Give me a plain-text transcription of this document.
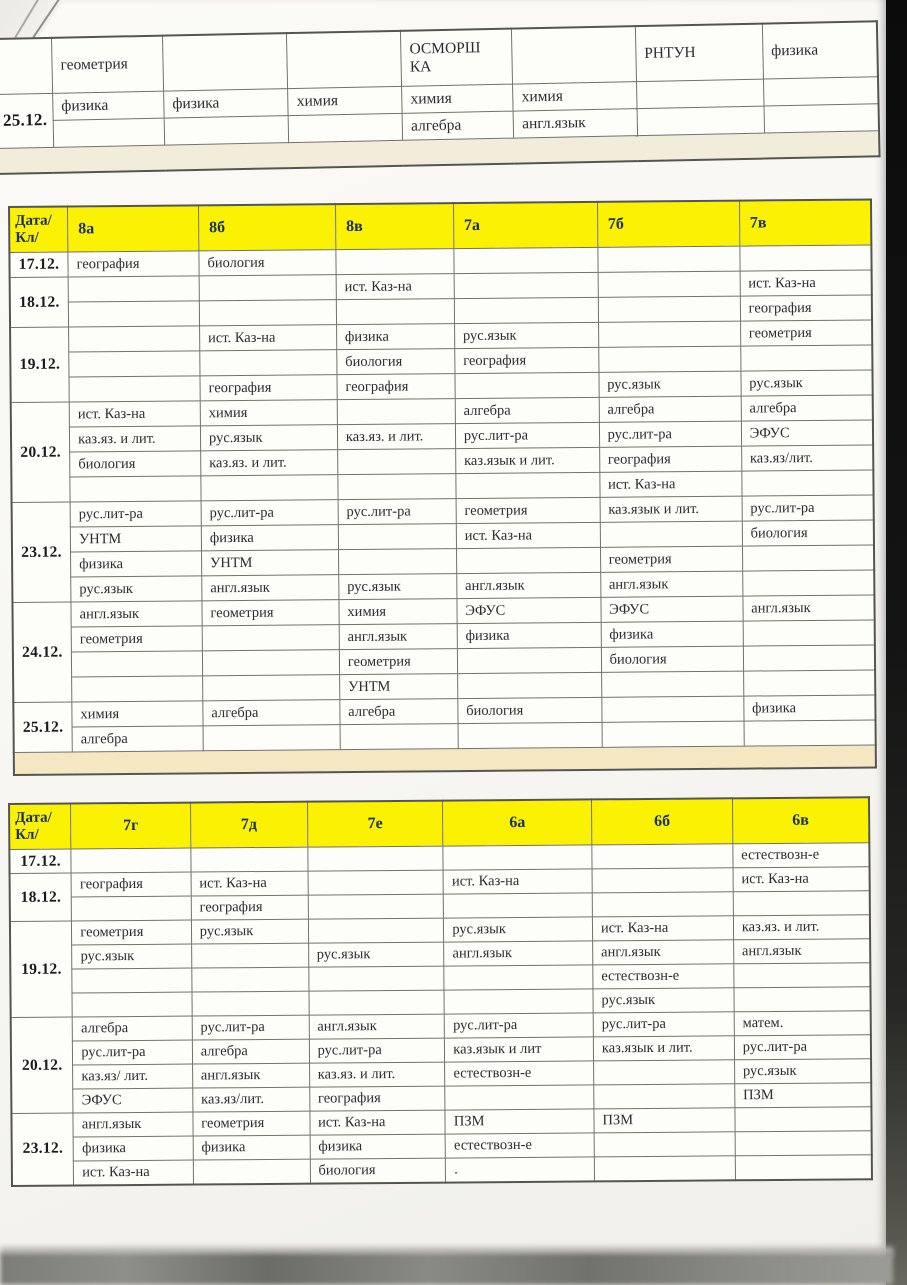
	геометрия			ОСМОРШ
КА		РНТУН	физика
25.12.	физика	физика	химия	химия	химия		
				алгебра	англ.язык		

Дата/
Кл/	8а	8б	8в	7а	7б	7в
17.12.	география	биология				
18.12.			ист. Каз-на			ист. Каз-на
						география
19.12.		ист. Каз-на	физика	рус.язык		геометрия
			биология	география		
		география	география		рус.язык	рус.язык
20.12.	ист. Каз-на	химия		алгебра	алгебра	алгебра
	каз.яз. и лит.	рус.язык	каз.яз. и лит.	рус.лит-ра	рус.лит-ра	ЭФУС
	биология	каз.яз. и лит.		каз.язык и лит.	география	каз.яз/лит.
					ист. Каз-на	
23.12.	рус.лит-ра	рус.лит-ра	рус.лит-ра	геометрия	каз.язык и лит.	рус.лит-ра
	УНТМ	физика		ист. Каз-на		биология
	физика	УНТМ			геометрия	
	рус.язык	англ.язык	рус.язык	англ.язык	англ.язык	
24.12.	англ.язык	геометрия	химия	ЭФУС	ЭФУС	англ.язык
	геометрия		англ.язык	физика	физика	
			геометрия		биология	
			УНТМ			
25.12.	химия	алгебра	алгебра	биология		физика
	алгебра					

Дата/
Кл/	7г	7д	7е	6а	6б	6в
17.12.						естествозн-е
18.12.	география	ист. Каз-на		ист. Каз-на		ист. Каз-на
		география				
19.12.	геометрия	рус.язык		рус.язык	ист. Каз-на	каз.яз. и лит.
	рус.язык		рус.язык	англ.язык	англ.язык	англ.язык
					естествозн-е	
					рус.язык	
20.12.	алгебра	рус.лит-ра	англ.язык	рус.лит-ра	рус.лит-ра	матем.
	рус.лит-ра	алгебра	рус.лит-ра	каз.язык и лит	каз.язык и лит.	рус.лит-ра
	каз.яз/ лит.	англ.язык	каз.яз. и лит.	естествозн-е		рус.язык
	ЭФУС	каз.яз/лит.	география			ПЗМ
23.12.	англ.язык	геометрия	ист. Каз-на	ПЗМ	ПЗМ	
	физика	физика	физика	естествозн-е		
	ист. Каз-на		биология	.		
